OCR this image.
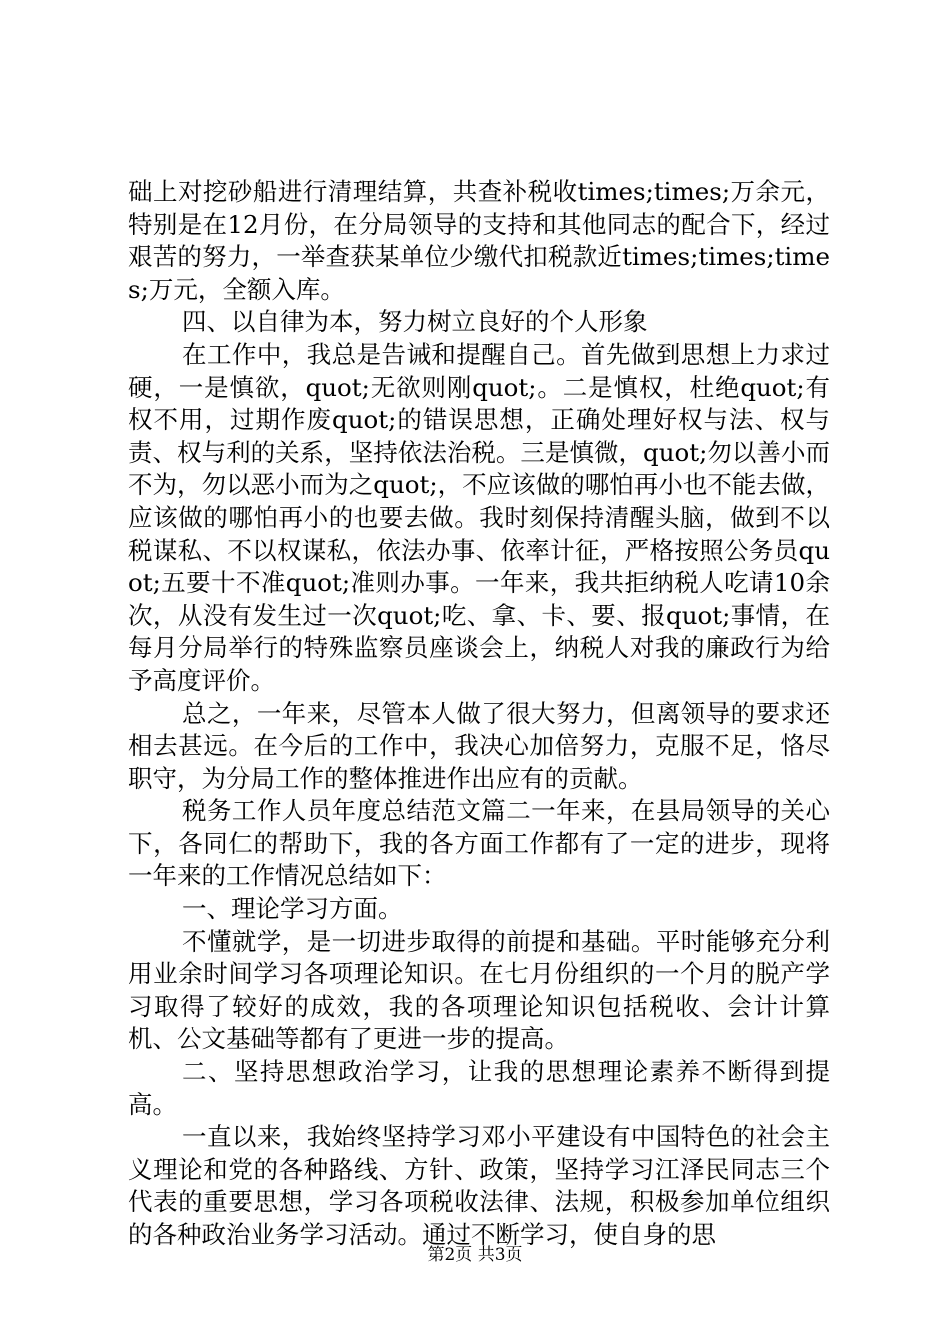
础上对挖砂船进行清理结算，共查补税收times;times;万余元，特别是在12月份，在分局领导的支持和其他同志的配合下，经过艰苦的努力，一举查获某单位少缴代扣税款近times;times;times;万元，全额入库。

四、以自律为本，努力树立良好的个人形象

在工作中，我总是告诫和提醒自己。首先做到思想上力求过硬，一是慎欲，quot;无欲则刚quot;。二是慎权，杜绝quot;有权不用，过期作废quot;的错误思想，正确处理好权与法、权与责、权与利的关系，坚持依法治税。三是慎微，quot;勿以善小而不为，勿以恶小而为之quot;，不应该做的哪怕再小也不能去做，应该做的哪怕再小的也要去做。我时刻保持清醒头脑，做到不以税谋私、不以权谋私，依法办事、依率计征，严格按照公务员quot;五要十不准quot;准则办事。一年来，我共拒纳税人吃请10余次，从没有发生过一次quot;吃、拿、卡、要、报quot;事情，在每月分局举行的特殊监察员座谈会上，纳税人对我的廉政行为给予高度评价。

总之，一年来，尽管本人做了很大努力，但离领导的要求还相去甚远。在今后的工作中，我决心加倍努力，克服不足，恪尽职守，为分局工作的整体推进作出应有的贡献。

税务工作人员年度总结范文篇二一年来，在县局领导的关心下，各同仁的帮助下，我的各方面工作都有了一定的进步，现将一年来的工作情况总结如下：

一、理论学习方面。

不懂就学，是一切进步取得的前提和基础。平时能够充分利用业余时间学习各项理论知识。在七月份组织的一个月的脱产学习取得了较好的成效，我的各项理论知识包括税收、会计计算机、公文基础等都有了更进一步的提高。

二、坚持思想政治学习，让我的思想理论素养不断得到提高。

一直以来，我始终坚持学习邓小平建设有中国特色的社会主义理论和党的各种路线、方针、政策，坚持学习江泽民同志三个代表的重要思想，学习各项税收法律、法规，积极参加单位组织的各种政治业务学习活动。通过不断学习，使自身的思

第2页 共3页
